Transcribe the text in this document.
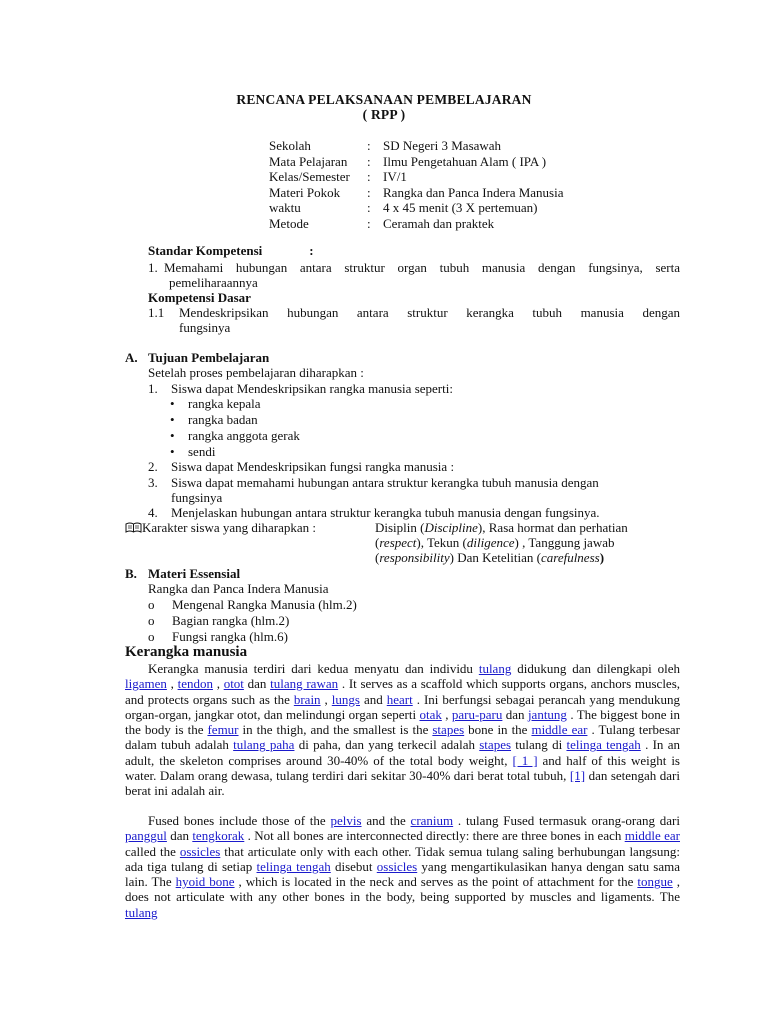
RENCANA PELAKSANAAN PEMBELAJARAN
( RPP )
Sekolah	:	SD Negeri 3 Masawah
Mata Pelajaran	:	Ilmu Pengetahuan Alam ( IPA )
Kelas/Semester	:	IV/1
Materi Pokok	:	Rangka dan Panca Indera Manusia
waktu	:	4 x 45 menit (3 X pertemuan)
Metode	:	Ceramah dan praktek
Standar Kompetensi	:
1. Memahami hubungan antara struktur organ tubuh manusia dengan fungsinya, serta
pemeliharaannya
Kompetensi Dasar
1.1 Mendeskripsikan hubungan antara struktur kerangka tubuh manusia dengan
fungsinya
A. Tujuan Pembelajaran
Setelah proses pembelajaran diharapkan :
1. Siswa dapat Mendeskripsikan rangka manusia seperti:
• rangka kepala
• rangka badan
• rangka anggota gerak
• sendi
2. Siswa dapat Mendeskripsikan fungsi rangka manusia :
3. Siswa dapat memahami hubungan antara struktur kerangka tubuh manusia dengan
fungsinya
4. Menjelaskan hubungan antara struktur kerangka tubuh manusia dengan fungsinya.
Karakter siswa yang diharapkan :	Disiplin (Discipline), Rasa hormat dan perhatian
(respect), Tekun (diligence) , Tanggung jawab
(responsibility) Dan Ketelitian (carefulness)
B. Materi Essensial
Rangka dan Panca Indera Manusia
o Mengenal Rangka Manusia (hlm.2)
o Bagian rangka (hlm.2)
o Fungsi rangka (hlm.6)
Kerangka manusia
Kerangka manusia terdiri dari kedua menyatu dan individu tulang didukung dan dilengkapi oleh ligamen , tendon , otot dan tulang rawan . It serves as a scaffold which supports organs, anchors muscles, and protects organs such as the brain , lungs and heart . Ini berfungsi sebagai perancah yang mendukung organ-organ, jangkar otot, dan melindungi organ seperti otak , paru-paru dan jantung . The biggest bone in the body is the femur in the thigh, and the smallest is the stapes bone in the middle ear . Tulang terbesar dalam tubuh adalah tulang paha di paha, dan yang terkecil adalah stapes tulang di telinga tengah . In an adult, the skeleton comprises around 30-40% of the total body weight, [ 1 ] and half of this weight is water. Dalam orang dewasa, tulang terdiri dari sekitar 30-40% dari berat total tubuh, [1] dan setengah dari berat ini adalah air.
Fused bones include those of the pelvis and the cranium . tulang Fused termasuk orang-orang dari panggul dan tengkorak . Not all bones are interconnected directly: there are three bones in each middle ear called the ossicles that articulate only with each other. Tidak semua tulang saling berhubungan langsung: ada tiga tulang di setiap telinga tengah disebut ossicles yang mengartikulasikan hanya dengan satu sama lain. The hyoid bone , which is located in the neck and serves as the point of attachment for the tongue , does not articulate with any other bones in the body, being supported by muscles and ligaments. The tulang
